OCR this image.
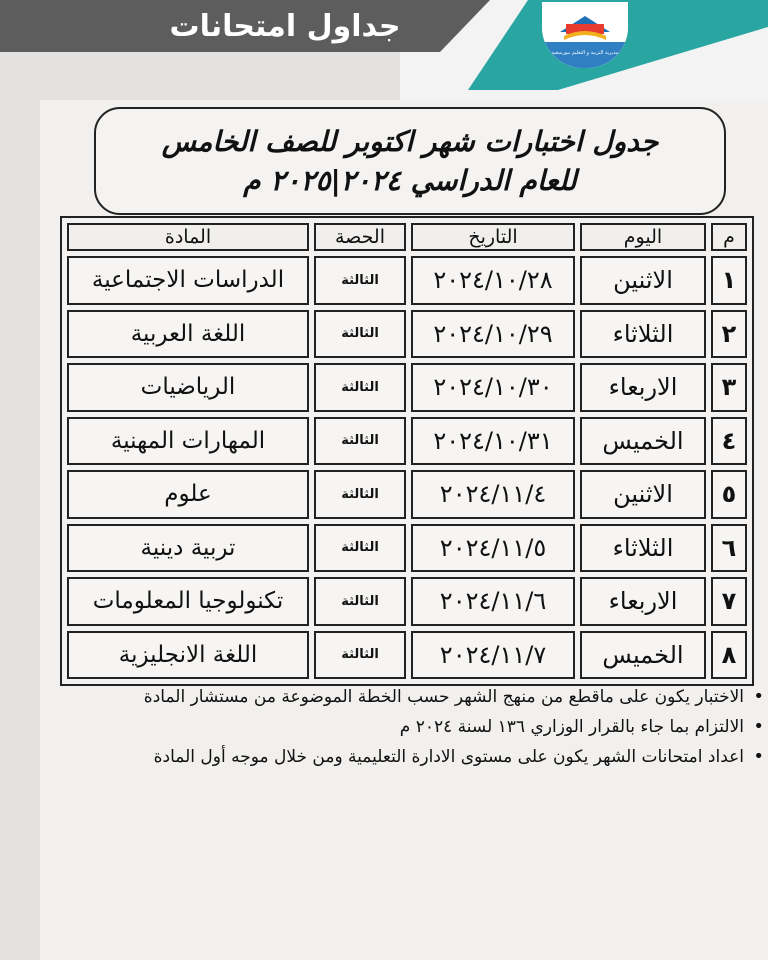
جداول امتحانات
مديرية التربية و التعليم ببورسعيد
جدول اختبارات شهر اكتوبر للصف الخامس
للعام الدراسي ٢٠٢٤|٢٠٢٥ م
م	اليوم	التاريخ	الحصة	المادة
١	الاثنين	٢٠٢٤/١٠/٢٨	الثالثة	الدراسات الاجتماعية
٢	الثلاثاء	٢٠٢٤/١٠/٢٩	الثالثة	اللغة العربية
٣	الاربعاء	٢٠٢٤/١٠/٣٠	الثالثة	الرياضيات
٤	الخميس	٢٠٢٤/١٠/٣١	الثالثة	المهارات المهنية
٥	الاثنين	٢٠٢٤/١١/٤	الثالثة	علوم
٦	الثلاثاء	٢٠٢٤/١١/٥	الثالثة	تربية دينية
٧	الاربعاء	٢٠٢٤/١١/٦	الثالثة	تكنولوجيا المعلومات
٨	الخميس	٢٠٢٤/١١/٧	الثالثة	اللغة الانجليزية
• الاختبار يكون على ماقطع من منهج الشهر حسب الخطة الموضوعة من مستشار المادة
• الالتزام بما جاء بالقرار الوزاري ١٣٦ لسنة ٢٠٢٤ م
• اعداد امتحانات الشهر يكون على مستوى الادارة التعليمية ومن خلال موجه أول المادة
